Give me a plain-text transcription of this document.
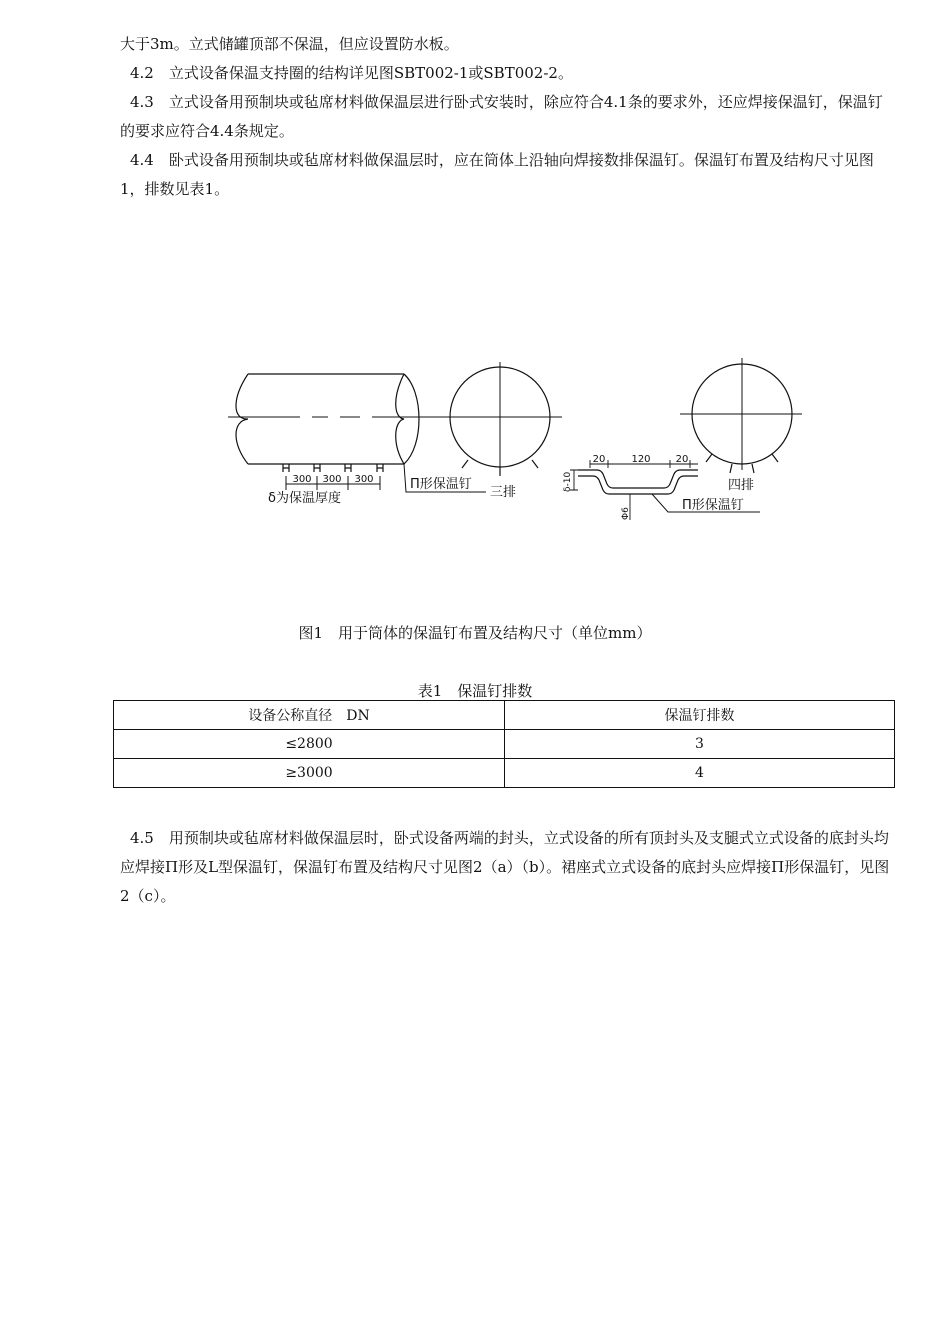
大于3m。立式储罐顶部不保温，但应设置防水板。

4.2　立式设备保温支持圈的结构详见图SBT002-1或SBT002-2。

4.3　立式设备用预制块或毡席材料做保温层进行卧式安装时，除应符合4.1条的要求外，还应焊接保温钉，保温钉的要求应符合4.4条规定。

4.4　卧式设备用预制块或毡席材料做保温层时，应在筒体上沿轴向焊接数排保温钉。保温钉布置及结构尺寸见图1，排数见表1。

300 300 300
δ为保温厚度
Π形保温钉
三排
20	120	20
δ-10
Φ6
Π形保温钉
四排
图1　用于筒体的保温钉布置及结构尺寸（单位mm）
表1　保温钉排数
设备公称直径　DN	保温钉排数
≤2800	3
≥3000	4

4.5　用预制块或毡席材料做保温层时，卧式设备两端的封头，立式设备的所有顶封头及支腿式立式设备的底封头均应焊接Π形及L型保温钉，保温钉布置及结构尺寸见图2（a）（b）。裙座式立式设备的底封头应焊接Π形保温钉，见图2（c）。
